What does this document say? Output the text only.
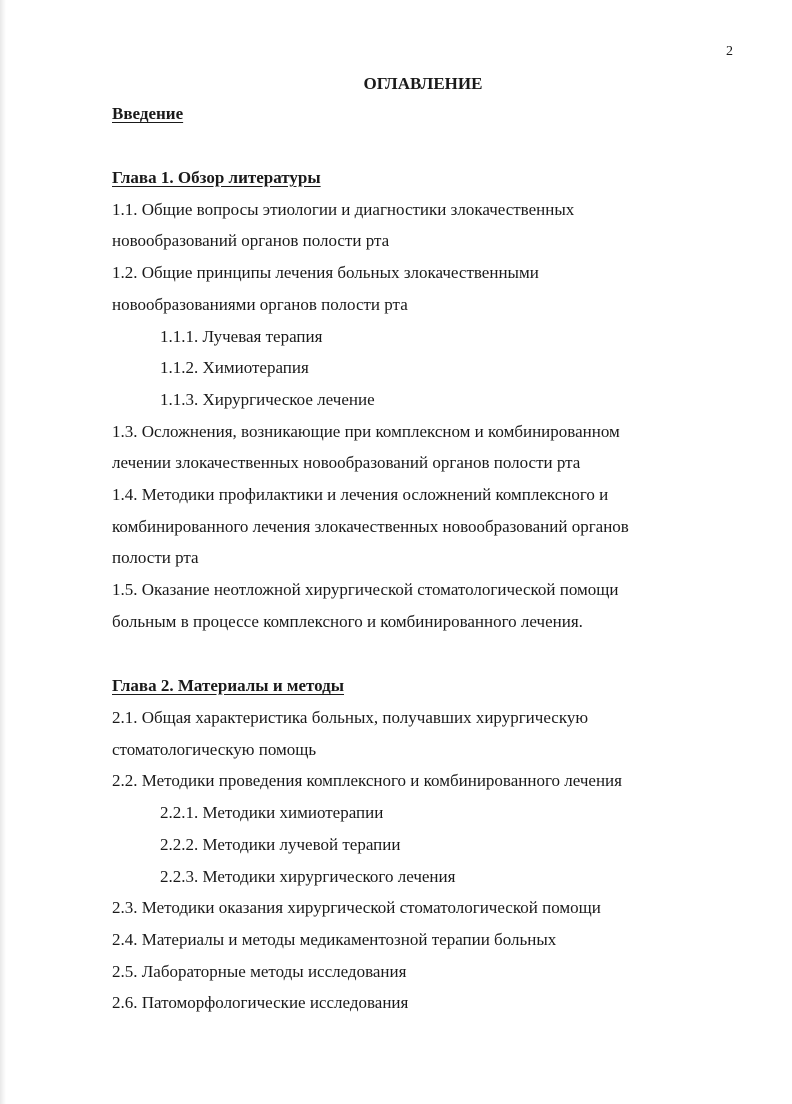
2
ОГЛАВЛЕНИЕ
Введение
Глава 1. Обзор литературы
1.1. Общие вопросы этиологии и диагностики злокачественных
новообразований органов полости рта
1.2. Общие принципы лечения больных злокачественными
новообразованиями органов полости рта
1.1.1. Лучевая терапия
1.1.2. Химиотерапия
1.1.3. Хирургическое лечение
1.3. Осложнения, возникающие при комплексном и комбинированном
лечении злокачественных новообразований органов полости рта
1.4. Методики профилактики и лечения осложнений комплексного и
комбинированного лечения злокачественных новообразований органов
полости рта
1.5. Оказание неотложной хирургической стоматологической помощи
больным в процессе комплексного и комбинированного лечения.
Глава 2. Материалы и методы
2.1. Общая характеристика больных, получавших хирургическую
стоматологическую помощь
2.2. Методики проведения комплексного и комбинированного лечения
2.2.1. Методики химиотерапии
2.2.2. Методики лучевой терапии
2.2.3. Методики хирургического лечения
2.3. Методики оказания хирургической стоматологической помощи
2.4. Материалы и методы медикаментозной терапии больных
2.5. Лабораторные методы исследования
2.6. Патоморфологические исследования
